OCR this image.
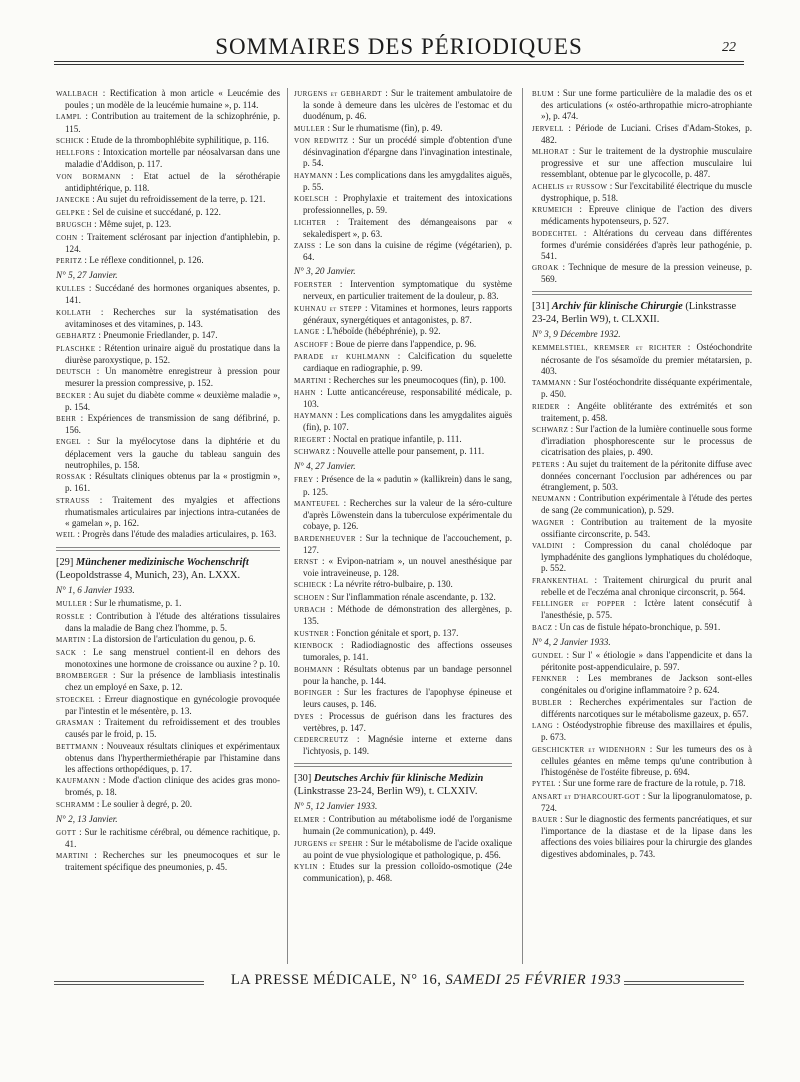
SOMMAIRES DES PÉRIODIQUES	22
WALLBACH : Rectification à mon article « Leucémie des poules ; un modèle de la leucémie humaine », p. 114.
LAMPL : Contribution au traitement de la schizophrénie, p. 115.
SCHICK : Etude de la thrombophlébite syphilitique, p. 116.
HELLFORS : Intoxication mortelle par néosalvarsan dans une maladie d'Addison, p. 117.
VON BORMANN : Etat actuel de la sérothérapie antidiphtérique, p. 118.
JANECKE : Au sujet du refroidissement de la terre, p. 121.
GELPKE : Sel de cuisine et succédané, p. 122.
BRUGSCH : Même sujet, p. 123.
COHN : Traitement sclérosant par injection d'antiphlebin, p. 124.
PERITZ : Le réflexe conditionnel, p. 126.
N° 5, 27 Janvier.
KULLES : Succédané des hormones organiques absentes, p. 141.
KOLLATH : Recherches sur la systématisation des avitaminoses et des vitamines, p. 143.
GEBHARTZ : Pneumonie Friedlander, p. 147.
PLASCHKE : Rétention urinaire aiguë du prostatique dans la diurèse paroxystique, p. 152.
DEUTSCH : Un manomètre enregistreur à pression pour mesurer la pression compressive, p. 152.
BECKER : Au sujet du diabète comme « deuxième maladie », p. 154.
BEHR : Expériences de transmission de sang défibriné, p. 156.
ENGEL : Sur la myélocytose dans la diphtérie et du déplacement vers la gauche du tableau sanguin des neutrophiles, p. 158.
ROSSAK : Résultats cliniques obtenus par la « prostigmin », p. 161.
STRAUSS : Traitement des myalgies et affections rhumatismales articulaires par injections intra-cutanées de « gamelan », p. 162.
WEIL : Progrès dans l'étude des maladies articulaires, p. 163.
[29] Münchener medizinische Wochenschrift (Leopoldstrasse 4, Munich, 23), An. LXXX.
N° 1, 6 Janvier 1933.
MULLER : Sur le rhumatisme, p. 1.
ROSSLE : Contribution à l'étude des altérations tissulaires dans la maladie de Bang chez l'homme, p. 5.
MARTIN : La distorsion de l'articulation du genou, p. 6.
SACK : Le sang menstruel contient-il en dehors des monotoxines une hormone de croissance ou auxine ? p. 10.
BROMBERGER : Sur la présence de lambliasis intestinalis chez un employé en Saxe, p. 12.
STOECKEL : Erreur diagnostique en gynécologie provoquée par l'intestin et le mésentère, p. 13.
GRASMAN : Traitement du refroidissement et des troubles causés par le froid, p. 15.
BETTMANN : Nouveaux résultats cliniques et expérimentaux obtenus dans l'hyperthermiethérapie par l'histamine dans les affections orthopédiques, p. 17.
KAUFMANN : Mode d'action clinique des acides gras mono-bromés, p. 18.
SCHRAMM : Le soulier à degré, p. 20.
N° 2, 13 Janvier.
GOTT : Sur le rachitisme cérébral, ou démence rachitique, p. 41.
MARTINI : Recherches sur les pneumocoques et sur le traitement spécifique des pneumonies, p. 45.
JURGENS et GEBHARDT : Sur le traitement ambulatoire de la sonde à demeure dans les ulcères de l'estomac et du duodénum, p. 46.
MULLER : Sur le rhumatisme (fin), p. 49.
VON REDWITZ : Sur un procédé simple d'obtention d'une désinvagination d'épargne dans l'invagination intestinale, p. 54.
HAYMANN : Les complications dans les amygdalites aiguës, p. 55.
KOELSCH : Prophylaxie et traitement des intoxications professionnelles, p. 59.
LICHTER : Traitement des démangeaisons par « sekaledispert », p. 63.
ZAISS : Le son dans la cuisine de régime (végétarien), p. 64.
N° 3, 20 Janvier.
FOERSTER : Intervention symptomatique du système nerveux, en particulier traitement de la douleur, p. 83.
KUHNAU et STEPP : Vitamines et hormones, leurs rapports généraux, synergétiques et antagonistes, p. 87.
LANGE : L'héboïde (hébéphrénie), p. 92.
ASCHOFF : Boue de pierre dans l'appendice, p. 96.
PARADE et KUHLMANN : Calcification du squelette cardiaque en radiographie, p. 99.
MARTINI : Recherches sur les pneumocoques (fin), p. 100.
HAHN : Lutte anticancéreuse, responsabilité médicale, p. 103.
HAYMANN : Les complications dans les amygdalites aiguës (fin), p. 107.
RIEGERT : Noctal en pratique infantile, p. 111.
SCHWARZ : Nouvelle attelle pour pansement, p. 111.
N° 4, 27 Janvier.
FREY : Présence de la « padutin » (kallikrein) dans le sang, p. 125.
MANTEUFEL : Recherches sur la valeur de la séro-culture d'après Löwenstein dans la tuberculose expérimentale du cobaye, p. 126.
BARDENHEUVER : Sur la technique de l'accouchement, p. 127.
ERNST : « Evipon-natriam », un nouvel anesthésique par voie intraveineuse, p. 128.
SCHIECK : La névrite rétro-bulbaire, p. 130.
SCHOEN : Sur l'inflammation rénale ascendante, p. 132.
URBACH : Méthode de démonstration des allergènes, p. 135.
KUSTNER : Fonction génitale et sport, p. 137.
KIENBOCK : Radiodiagnostic des affections osseuses tumorales, p. 141.
BOHMANN : Résultats obtenus par un bandage personnel pour la hanche, p. 144.
BOFINGER : Sur les fractures de l'apophyse épineuse et leurs causes, p. 146.
DYES : Processus de guérison dans les fractures des vertèbres, p. 147.
CEDERCREUTZ : Magnésie interne et externe dans l'ichtyosis, p. 149.
[30] Deutsches Archiv für klinische Medizin (Linkstrasse 23-24, Berlin W9), t. CLXXIV.
N° 5, 12 Janvier 1933.
ELMER : Contribution au métabolisme iodé de l'organisme humain (2e communication), p. 449.
JURGENS et SPEHR : Sur le métabolisme de l'acide oxalique au point de vue physiologique et pathologique, p. 456.
KYLIN : Etudes sur la pression colloïdo-osmotique (24e communication), p. 468.
BLUM : Sur une forme particulière de la maladie des os et des articulations (« ostéo-arthropathie micro-atrophiante »), p. 474.
JERVELL : Période de Luciani. Crises d'Adam-Stokes, p. 482.
MLHORAT : Sur le traitement de la dystrophie musculaire progressive et sur une affection musculaire lui ressemblant, obtenue par le glycocolle, p. 487.
ACHELIS et RUSSOW : Sur l'excitabilité électrique du muscle dystrophique, p. 518.
KRUMEICH : Epreuve clinique de l'action des divers médicaments hypotenseurs, p. 527.
BODECHTEL : Altérations du cerveau dans différentes formes d'urémie considérées d'après leur pathogénie, p. 541.
GROAK : Technique de mesure de la pression veineuse, p. 569.
[31] Archiv für klinische Chirurgie (Linkstrasse 23-24, Berlin W9), t. CLXXII.
N° 3, 9 Décembre 1932.
KEMMELSTIEL, KREMSER et RICHTER : Ostéochondrite nécrosante de l'os sésamoïde du premier métatarsien, p. 403.
TAMMANN : Sur l'ostéochondrite disséquante expérimentale, p. 450.
RIEDER : Angéite oblitérante des extrémités et son traitement, p. 458.
SCHWARZ : Sur l'action de la lumière continuelle sous forme d'irradiation phosphorescente sur le processus de cicatrisation des plaies, p. 490.
PETERS : Au sujet du traitement de la péritonite diffuse avec données concernant l'occlusion par adhérences ou par étranglement, p. 503.
NEUMANN : Contribution expérimentale à l'étude des pertes de sang (2e communication), p. 529.
WAGNER : Contribution au traitement de la myosite ossifiante circonscrite, p. 543.
VALDINI : Compression du canal cholédoque par lymphadénite des ganglions lymphatiques du cholédoque, p. 552.
FRANKENTHAL : Traitement chirurgical du prurit anal rebelle et de l'eczéma anal chronique circonscrit, p. 564.
FELLINGER et POPPER : Ictère latent consécutif à l'anesthésie, p. 575.
BACZ : Un cas de fistule hépato-bronchique, p. 591.
N° 4, 2 Janvier 1933.
GUNDEL : Sur l' « étiologie » dans l'appendicite et dans la péritonite post-appendiculaire, p. 597.
FENKNER : Les membranes de Jackson sont-elles congénitales ou d'origine inflammatoire ? p. 624.
BUBLER : Recherches expérimentales sur l'action de différents narcotiques sur le métabolisme gazeux, p. 657.
LANG : Ostéodystrophie fibreuse des maxillaires et épulis, p. 673.
GESCHICKTER et WIDENHORN : Sur les tumeurs des os à cellules géantes en même temps qu'une contribution à l'histogénèse de l'ostéite fibreuse, p. 694.
PYTEL : Sur une forme rare de fracture de la rotule, p. 718.
ANSART et D'HARCOURT-GOT : Sur la lipogranulomatose, p. 724.
BAUER : Sur le diagnostic des ferments pancréatiques, et sur l'importance de la diastase et de la lipase dans les affections des voies biliaires pour la chirurgie des glandes digestives abdominales, p. 743.
LA PRESSE MÉDICALE, N° 16, SAMEDI 25 FÉVRIER 1933
